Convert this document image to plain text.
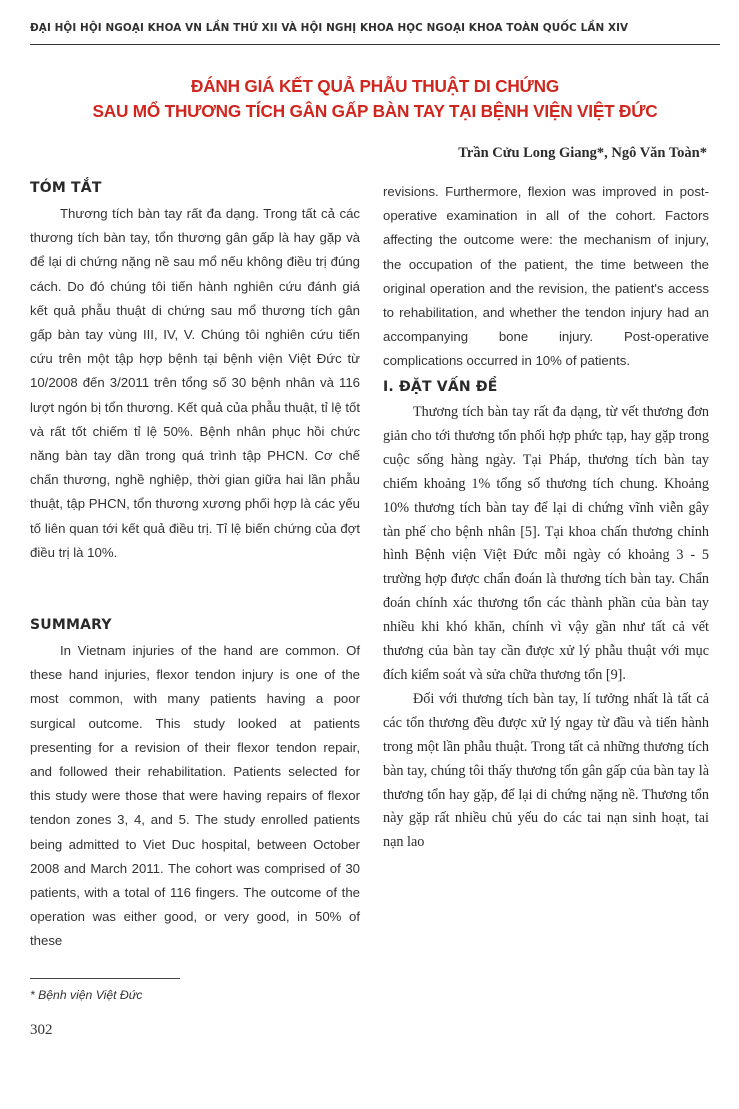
ĐẠI HỘI HỘI NGOẠI KHOA VN LẦN THỨ XII VÀ HỘI NGHỊ KHOA HỌC NGOẠI KHOA TOÀN QUỐC LẦN XIV
ĐÁNH GIÁ KẾT QUẢ PHẪU THUẬT DI CHỨNG
SAU MỔ THƯƠNG TÍCH GÂN GẤP BÀN TAY TẠI BỆNH VIỆN VIỆT ĐỨC
Trần Cửu Long Giang*, Ngô Văn Toàn*
TÓM TẮT

Thương tích bàn tay rất đa dạng. Trong tất cả các thương tích bàn tay, tổn thương gân gấp là hay gặp và để lại di chứng nặng nề sau mổ nếu không điều trị đúng cách. Do đó chúng tôi tiến hành nghiên cứu đánh giá kết quả phẫu thuật di chứng sau mổ thương tích gân gấp bàn tay vùng III, IV, V. Chúng tôi nghiên cứu tiến cứu trên một tập hợp bệnh tại bệnh viện Việt Đức từ 10/2008 đến 3/2011 trên tổng số 30 bệnh nhân và 116 lượt ngón bị tổn thương. Kết quả của phẫu thuật, tỉ lệ tốt và rất tốt chiếm tỉ lệ 50%. Bệnh nhân phục hồi chức năng bàn tay dần trong quá trình tập PHCN. Cơ chế chấn thương, nghề nghiệp, thời gian giữa hai lần phẫu thuật, tập PHCN, tổn thương xương phối hợp là các yếu tố liên quan tới kết quả điều trị. Tỉ lệ biến chứng của đợt điều trị là 10%.

SUMMARY

In Vietnam injuries of the hand are common. Of these hand injuries, flexor tendon injury is one of the most common, with many patients having a poor surgical outcome. This study looked at patients presenting for a revision of their flexor tendon repair, and followed their rehabilitation. Patients selected for this study were those that were having repairs of flexor tendon zones 3, 4, and 5. The study enrolled patients being admitted to Viet Duc hospital, between October 2008 and March 2011. The cohort was comprised of 30 patients, with a total of 116 fingers. The outcome of the operation was either good, or very good, in 50% of these

revisions. Furthermore, flexion was improved in post-operative examination in all of the cohort. Factors affecting the outcome were: the mechanism of injury, the occupation of the patient, the time between the original operation and the revision, the patient's access to rehabilitation, and whether the tendon injury had an accompanying bone injury. Post-operative complications occurred in 10% of patients.

I. ĐẶT VẤN ĐỀ

Thương tích bàn tay rất đa dạng, từ vết thương đơn giản cho tới thương tổn phối hợp phức tạp, hay gặp trong cuộc sống hàng ngày. Tại Pháp, thương tích bàn tay chiếm khoảng 1% tổng số thương tích chung. Khoảng 10% thương tích bàn tay để lại di chứng vĩnh viễn gây tàn phế cho bệnh nhân [5]. Tại khoa chấn thương chỉnh hình Bệnh viện Việt Đức mỗi ngày có khoảng 3 - 5 trường hợp được chẩn đoán là thương tích bàn tay. Chẩn đoán chính xác thương tổn các thành phần của bàn tay nhiều khi khó khăn, chính vì vậy gần như tất cả vết thương của bàn tay cần được xử lý phẫu thuật với mục đích kiểm soát và sửa chữa thương tổn [9].

Đối với thương tích bàn tay, lí tưởng nhất là tất cả các tổn thương đều được xử lý ngay từ đầu và tiến hành trong một lần phẫu thuật. Trong tất cả những thương tích bàn tay, chúng tôi thấy thương tổn gân gấp của bàn tay là thương tổn hay gặp, để lại di chứng nặng nề. Thương tổn này gặp rất nhiều chủ yếu do các tai nạn sinh hoạt, tai nạn lao

* Bệnh viện Việt Đức
302
